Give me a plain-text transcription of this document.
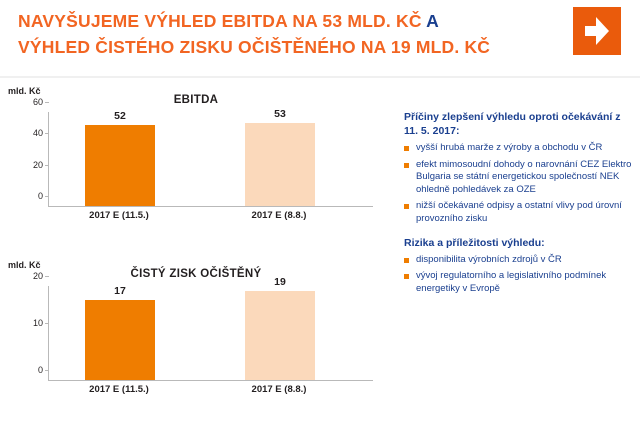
NAVYŠUJEME VÝHLED EBITDA NA 53 MLD. KČ A
VÝHLED ČISTÉHO ZISKU OČIŠTĚNÉHO NA 19 MLD. KČ
mld. Kč
EBITDA
0
20
40
60
52	53
2017 E (11.5.)	2017 E (8.8.)
mld. Kč
ČISTÝ ZISK OČIŠTĚNÝ
0
10
20
17
19
2017 E (11.5.)	2017 E (8.8.)
Příčiny zlepšení výhledu oproti očekávání z 11. 5. 2017:
vyšší hrubá marže z výroby a obchodu v ČR
efekt mimosoudní dohody o narovnání CEZ Elektro Bulgaria se státní energetickou společností NEK ohledně pohledávek za OZE
nižší očekávané odpisy a ostatní vlivy pod úrovní provozního zisku
Rizika a příležitosti výhledu:
disponibilita výrobních zdrojů v ČR
vývoj regulatorního a legislativního podmínek energetiky v Evropě
